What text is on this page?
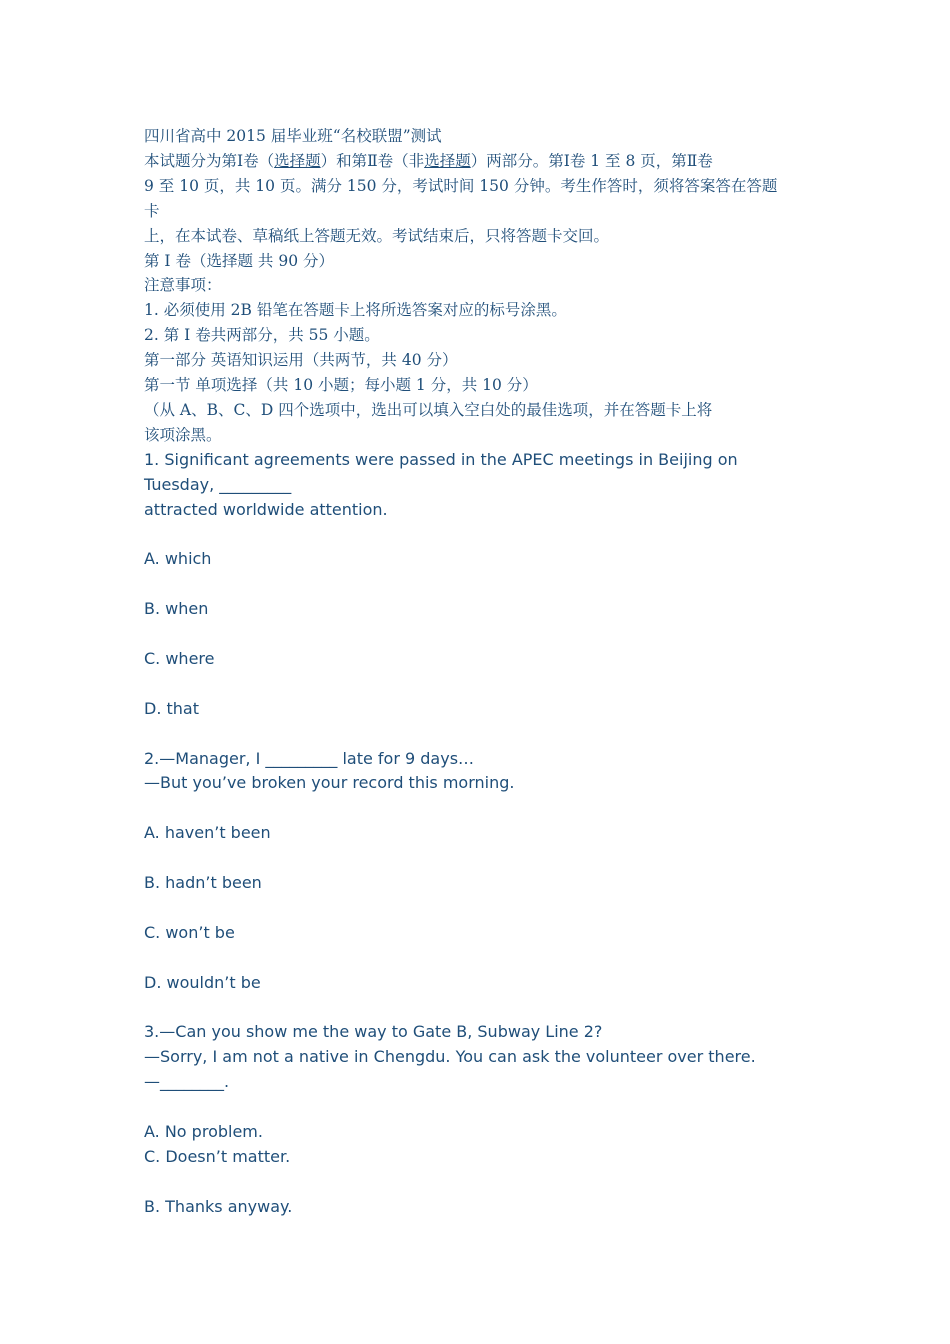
四川省高中 2015 届毕业班“名校联盟”测试
本试题分为第Ⅰ卷（选择题）和第Ⅱ卷（非选择题）两部分。第Ⅰ卷 1 至 8 页，第Ⅱ卷
9 至 10 页，共 10 页。满分 150 分，考试时间 150 分钟。考生作答时，须将答案答在答题
卡
上，在本试卷、草稿纸上答题无效。考试结束后，只将答题卡交回。
第 I 卷（选择题 共 90 分）
注意事项：
1. 必须使用 2B 铅笔在答题卡上将所选答案对应的标号涂黑。
2. 第 I 卷共两部分，共 55 小题。
第一部分 英语知识运用（共两节，共 40 分）
第一节 单项选择（共 10 小题；每小题 1 分，共 10 分）
（从 A、B、C、D 四个选项中，选出可以填入空白处的最佳选项，并在答题卡上将
该项涂黑。
1. Significant agreements were passed in the APEC meetings in Beijing on
Tuesday, _________
attracted worldwide attention.
A. which
B. when
C. where
D. that
2.—Manager, I _________ late for 9 days…
—But you’ve broken your record this morning.
A. haven’t been
B. hadn’t been
C. won’t be
D. wouldn’t be
3.—Can you show me the way to Gate B, Subway Line 2?
—Sorry, I am not a native in Chengdu. You can ask the volunteer over there.
—________.
A. No problem.
C. Doesn’t matter.
B. Thanks anyway.
